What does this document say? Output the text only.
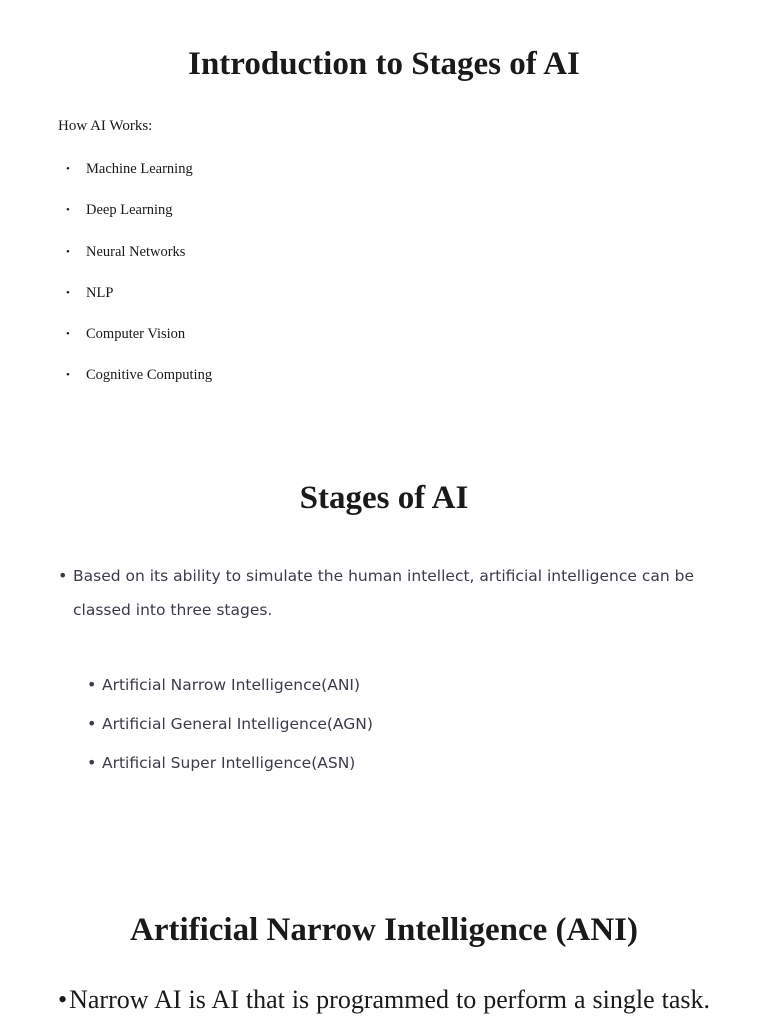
Introduction to Stages of AI

How AI Works:

• Machine Learning
• Deep Learning
• Neural Networks
• NLP
• Computer Vision
• Cognitive Computing
Stages of AI

• Based on its ability to simulate the human intellect, artificial intelligence can be classed into three stages.

• Artificial Narrow Intelligence(ANI)
• Artificial General Intelligence(AGN)
• Artificial Super Intelligence(ASN)
Artificial Narrow Intelligence (ANI)

•Narrow AI is AI that is programmed to perform a single task.
